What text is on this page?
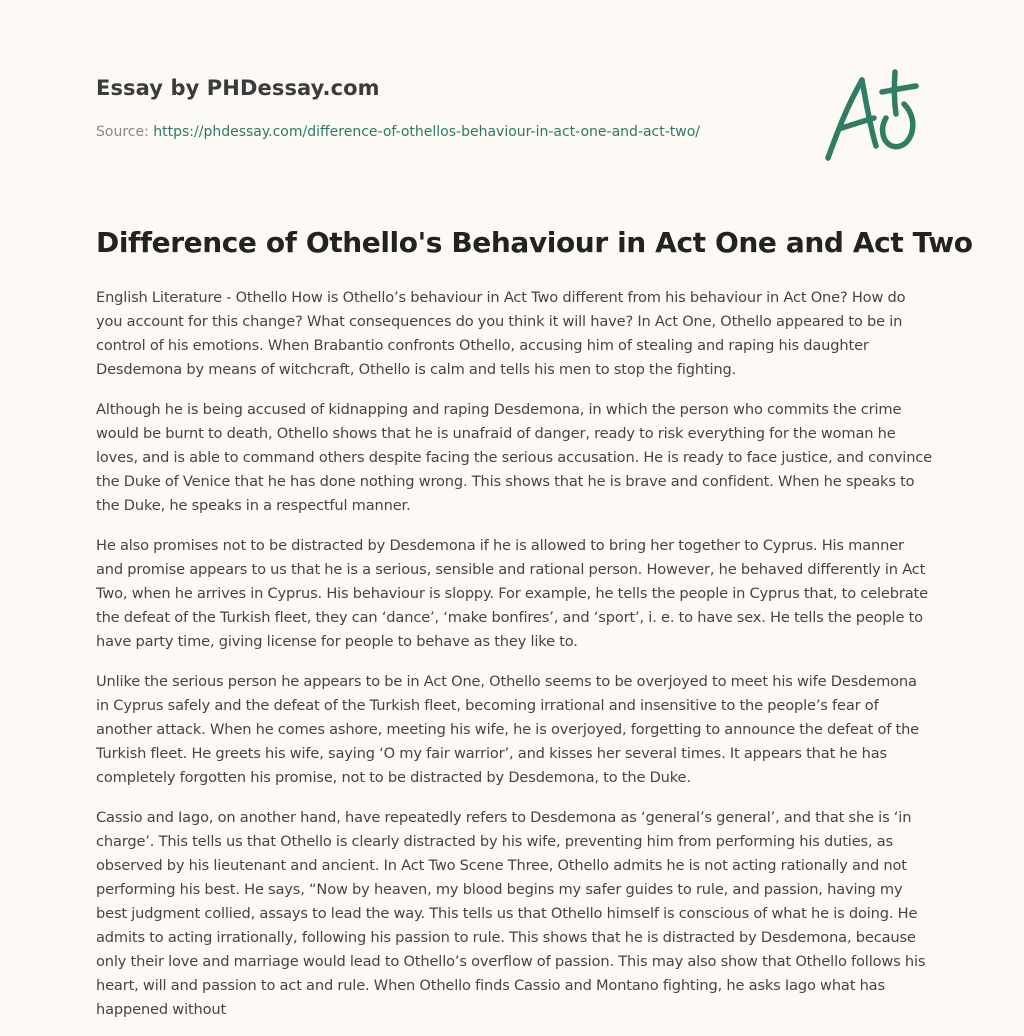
Essay by PHDessay.com
Source: https://phdessay.com/difference-of-othellos-behaviour-in-act-one-and-act-two/
Difference of Othello's Behaviour in Act One and Act Two

English Literature - Othello How is Othello’s behaviour in Act Two different from his behaviour in Act One? How do you account for this change? What consequences do you think it will have? In Act One, Othello appeared to be in control of his emotions. When Brabantio confronts Othello, accusing him of stealing and raping his daughter Desdemona by means of witchcraft, Othello is calm and tells his men to stop the fighting.

Although he is being accused of kidnapping and raping Desdemona, in which the person who commits the crime would be burnt to death, Othello shows that he is unafraid of danger, ready to risk everything for the woman he loves, and is able to command others despite facing the serious accusation. He is ready to face justice, and convince the Duke of Venice that he has done nothing wrong. This shows that he is brave and confident. When he speaks to the Duke, he speaks in a respectful manner.

He also promises not to be distracted by Desdemona if he is allowed to bring her together to Cyprus. His manner and promise appears to us that he is a serious, sensible and rational person. However, he behaved differently in Act Two, when he arrives in Cyprus. His behaviour is sloppy. For example, he tells the people in Cyprus that, to celebrate the defeat of the Turkish fleet, they can ‘dance’, ‘make bonfires’, and ‘sport’, i. e. to have sex. He tells the people to have party time, giving license for people to behave as they like to.

Unlike the serious person he appears to be in Act One, Othello seems to be overjoyed to meet his wife Desdemona in Cyprus safely and the defeat of the Turkish fleet, becoming irrational and insensitive to the people’s fear of another attack. When he comes ashore, meeting his wife, he is overjoyed, forgetting to announce the defeat of the Turkish fleet. He greets his wife, saying ‘O my fair warrior’, and kisses her several times. It appears that he has completely forgotten his promise, not to be distracted by Desdemona, to the Duke.

Cassio and Iago, on another hand, have repeatedly refers to Desdemona as ‘general’s general’, and that she is ‘in charge’. This tells us that Othello is clearly distracted by his wife, preventing him from performing his duties, as observed by his lieutenant and ancient. In Act Two Scene Three, Othello admits he is not acting rationally and not performing his best. He says, “Now by heaven, my blood begins my safer guides to rule, and passion, having my best judgment collied, assays to lead the way. This tells us that Othello himself is conscious of what he is doing. He admits to acting irrationally, following his passion to rule. This shows that he is distracted by Desdemona, because only their love and marriage would lead to Othello’s overflow of passion. This may also show that Othello follows his heart, will and passion to act and rule. When Othello finds Cassio and Montano fighting, he asks Iago what has happened without
